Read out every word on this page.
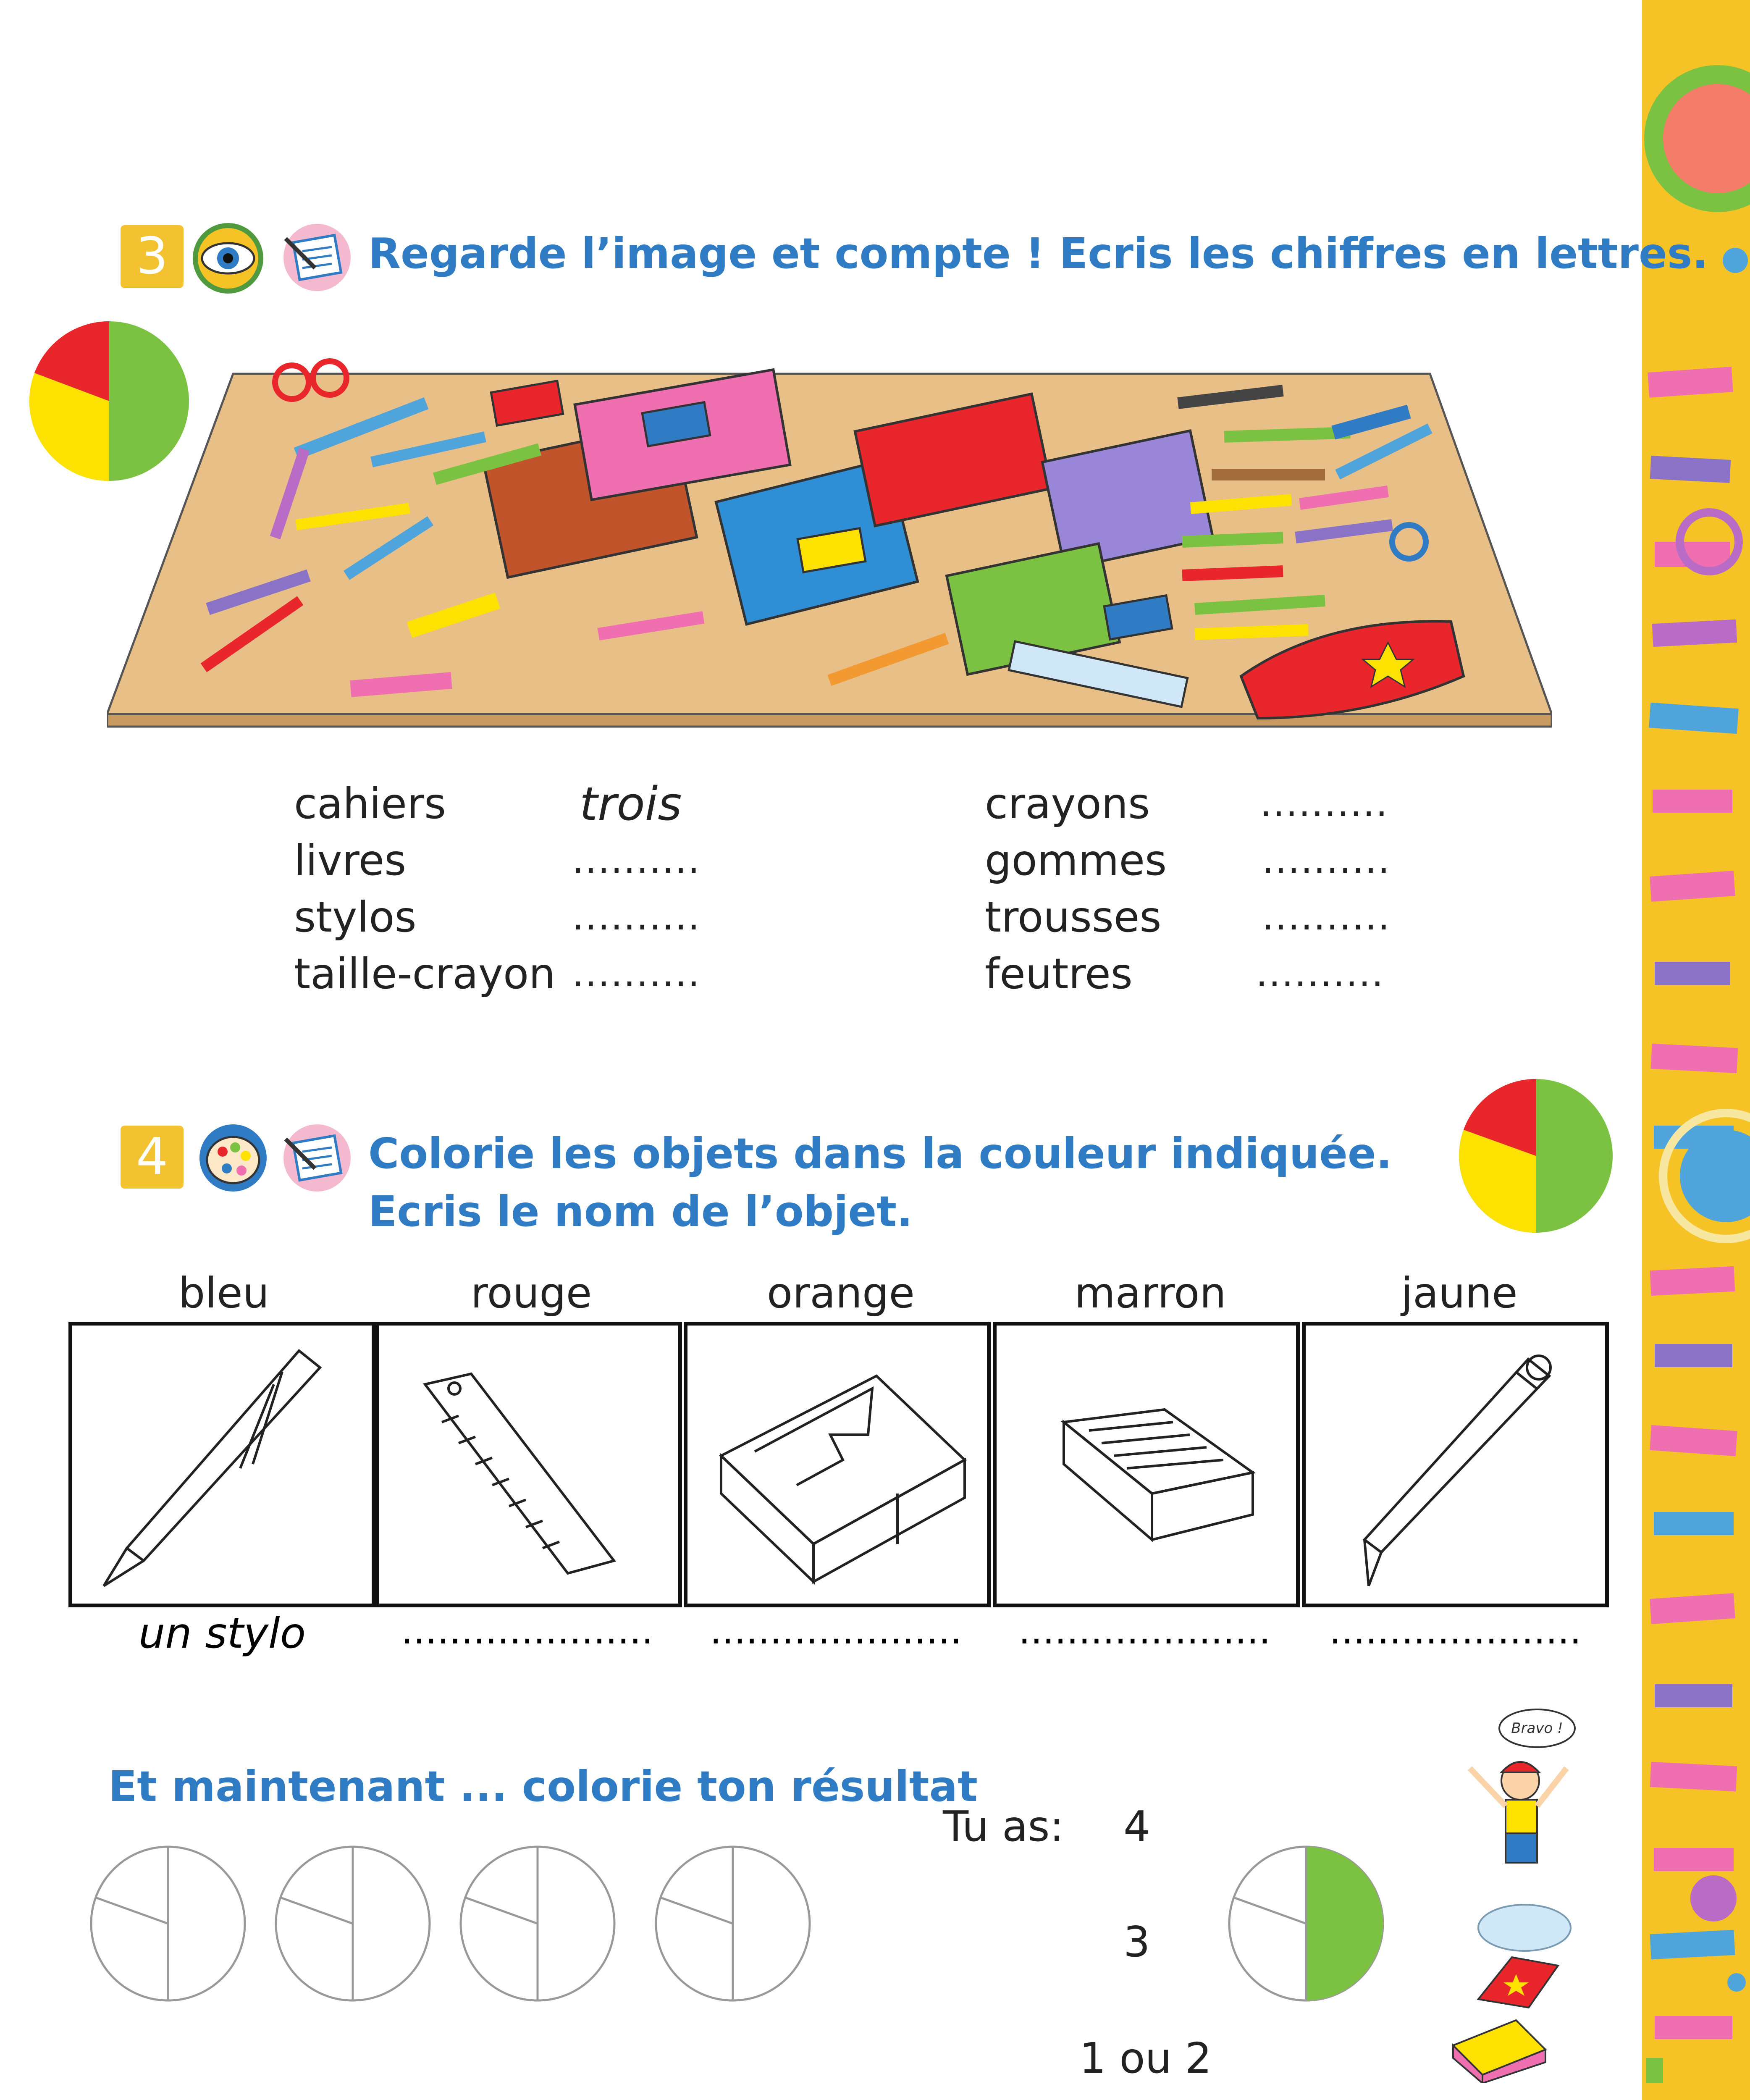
3	Regarde l’image et compte ! Ecris les chiffres en lettres.
cahiers	trois
livres	..........
stylos	..........
taille-crayon ..........
crayons	..........
gommes	..........
trousses	..........
feutres	..........
4	Colorie les objets dans la couleur indiquée.
Ecris le nom de l’objet.
bleu	rouge	orange	marron	jaune
un stylo	..................... ..................... ..................... .....................
Et maintenant ... colorie ton résultat
Tu as: 4
3
1 ou 2
Bravo !
